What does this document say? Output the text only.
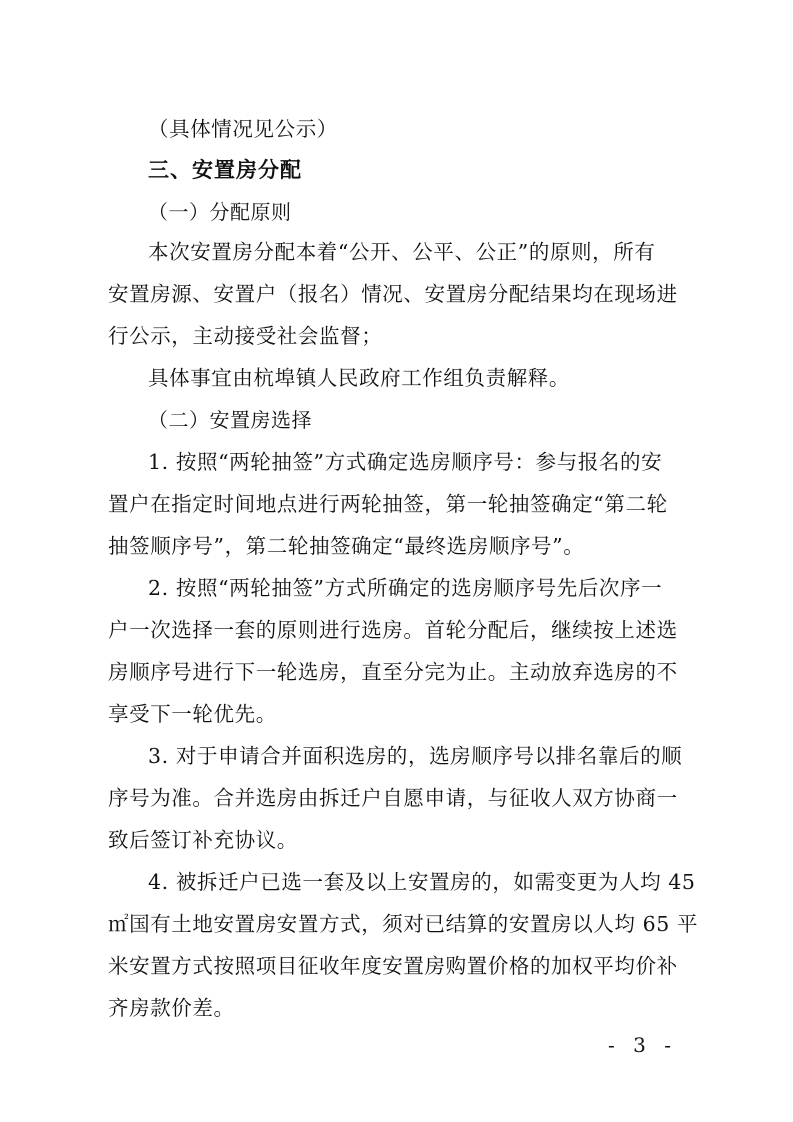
（具体情况见公示）
三、安置房分配
（一）分配原则
本次安置房分配本着“公开、公平、公正”的原则，所有
安置房源、安置户（报名）情况、安置房分配结果均在现场进
行公示，主动接受社会监督；
具体事宜由杭埠镇人民政府工作组负责解释。
（二）安置房选择
1. 按照“两轮抽签”方式确定选房顺序号：参与报名的安
置户在指定时间地点进行两轮抽签，第一轮抽签确定“第二轮
抽签顺序号”，第二轮抽签确定“最终选房顺序号”。
2. 按照“两轮抽签”方式所确定的选房顺序号先后次序一
户一次选择一套的原则进行选房。首轮分配后，继续按上述选
房顺序号进行下一轮选房，直至分完为止。主动放弃选房的不
享受下一轮优先。
3. 对于申请合并面积选房的，选房顺序号以排名靠后的顺
序号为准。合并选房由拆迁户自愿申请，与征收人双方协商一
致后签订补充协议。
4. 被拆迁户已选一套及以上安置房的，如需变更为人均 45
㎡国有土地安置房安置方式，须对已结算的安置房以人均 65 平
米安置方式按照项目征收年度安置房购置价格的加权平均价补
齐房款价差。
- 3 -
